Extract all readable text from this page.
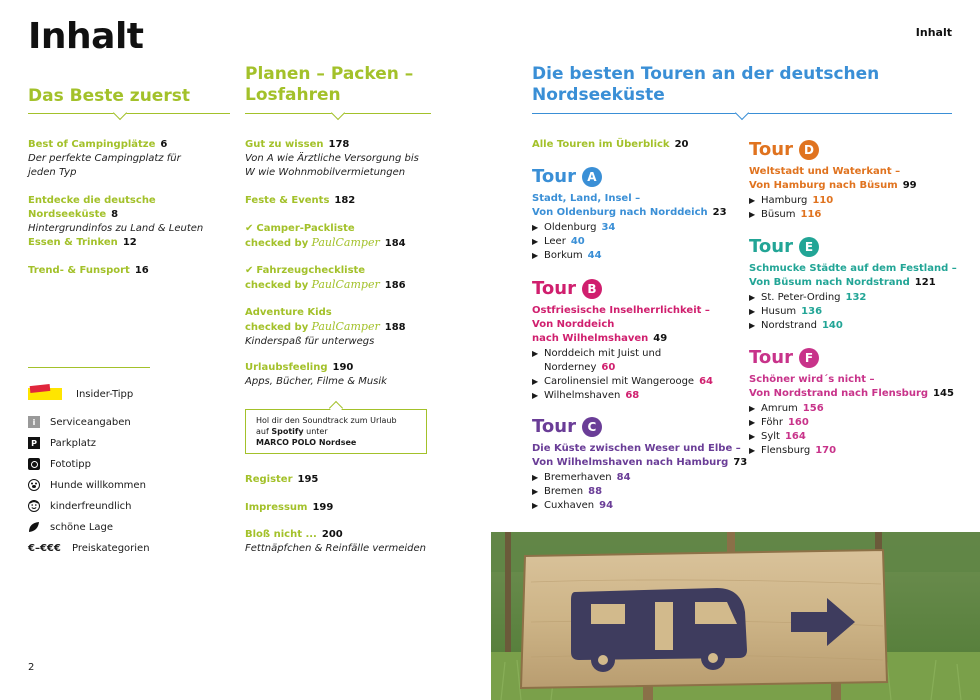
Inhalt	Inhalt
2
Das Beste zuerst
Best of Campingplätze 6
Der perfekte Campingplatz für
jeden Typ
Entdecke die deutsche Nordseeküste 8
Hintergrundinfos zu Land & Leuten
Essen & Trinken 12
Trend- & Funsport 16
Insider-Tipp
i	Serviceangaben
P	Parkplatz
Fototipp
Hunde willkommen
kinderfreundlich
schöne Lage
€–€€€	Preiskategorien
Planen – Packen –
Losfahren
Gut zu wissen 178
Von A wie Ärztliche Versorgung bis
W wie Wohnmobilvermietungen
Feste & Events 182
✔ Camper-Packliste
checked by PaulCamper 184
✔ Fahrzeugcheckliste
checked by PaulCamper 186
Adventure Kids
checked by PaulCamper 188
Kinderspaß für unterwegs
Urlaubsfeeling 190
Apps, Bücher, Filme & Musik
Hol dir den Soundtrack zum Urlaub
auf Spotify unter
MARCO POLO Nordsee
Register 195
Impressum 199
Bloß nicht ... 200
Fettnäpfchen & Reinfälle vermeiden
Die besten Touren an der deutschen
Nordseeküste
Alle Touren im Überblick 20
Tour A
Stadt, Land, Insel –
Von Oldenburg nach Norddeich 23
▶ Oldenburg 34
▶ Leer 40
▶ Borkum 44
Tour B
Ostfriesische Inselherrlichkeit –
Von Norddeich
nach Wilhelmshaven 49
▶ Norddeich mit Juist und
Norderney 60
▶ Carolinensiel mit Wangerooge 64
▶ Wilhelmshaven 68
Tour C
Die Küste zwischen Weser und Elbe –
Von Wilhelmshaven nach Hamburg 73
▶ Bremerhaven 84
▶ Bremen 88
▶ Cuxhaven 94
Tour D
Weltstadt und Waterkant –
Von Hamburg nach Büsum 99
▶ Hamburg 110
▶ Büsum 116
Tour E
Schmucke Städte auf dem Festland –
Von Büsum nach Nordstrand 121
▶ St. Peter-Ording 132
▶ Husum 136
▶ Nordstrand 140
Tour F
Schöner wird´s nicht –
Von Nordstrand nach Flensburg 145
▶ Amrum 156
▶ Föhr 160
▶ Sylt 164
▶ Flensburg 170
